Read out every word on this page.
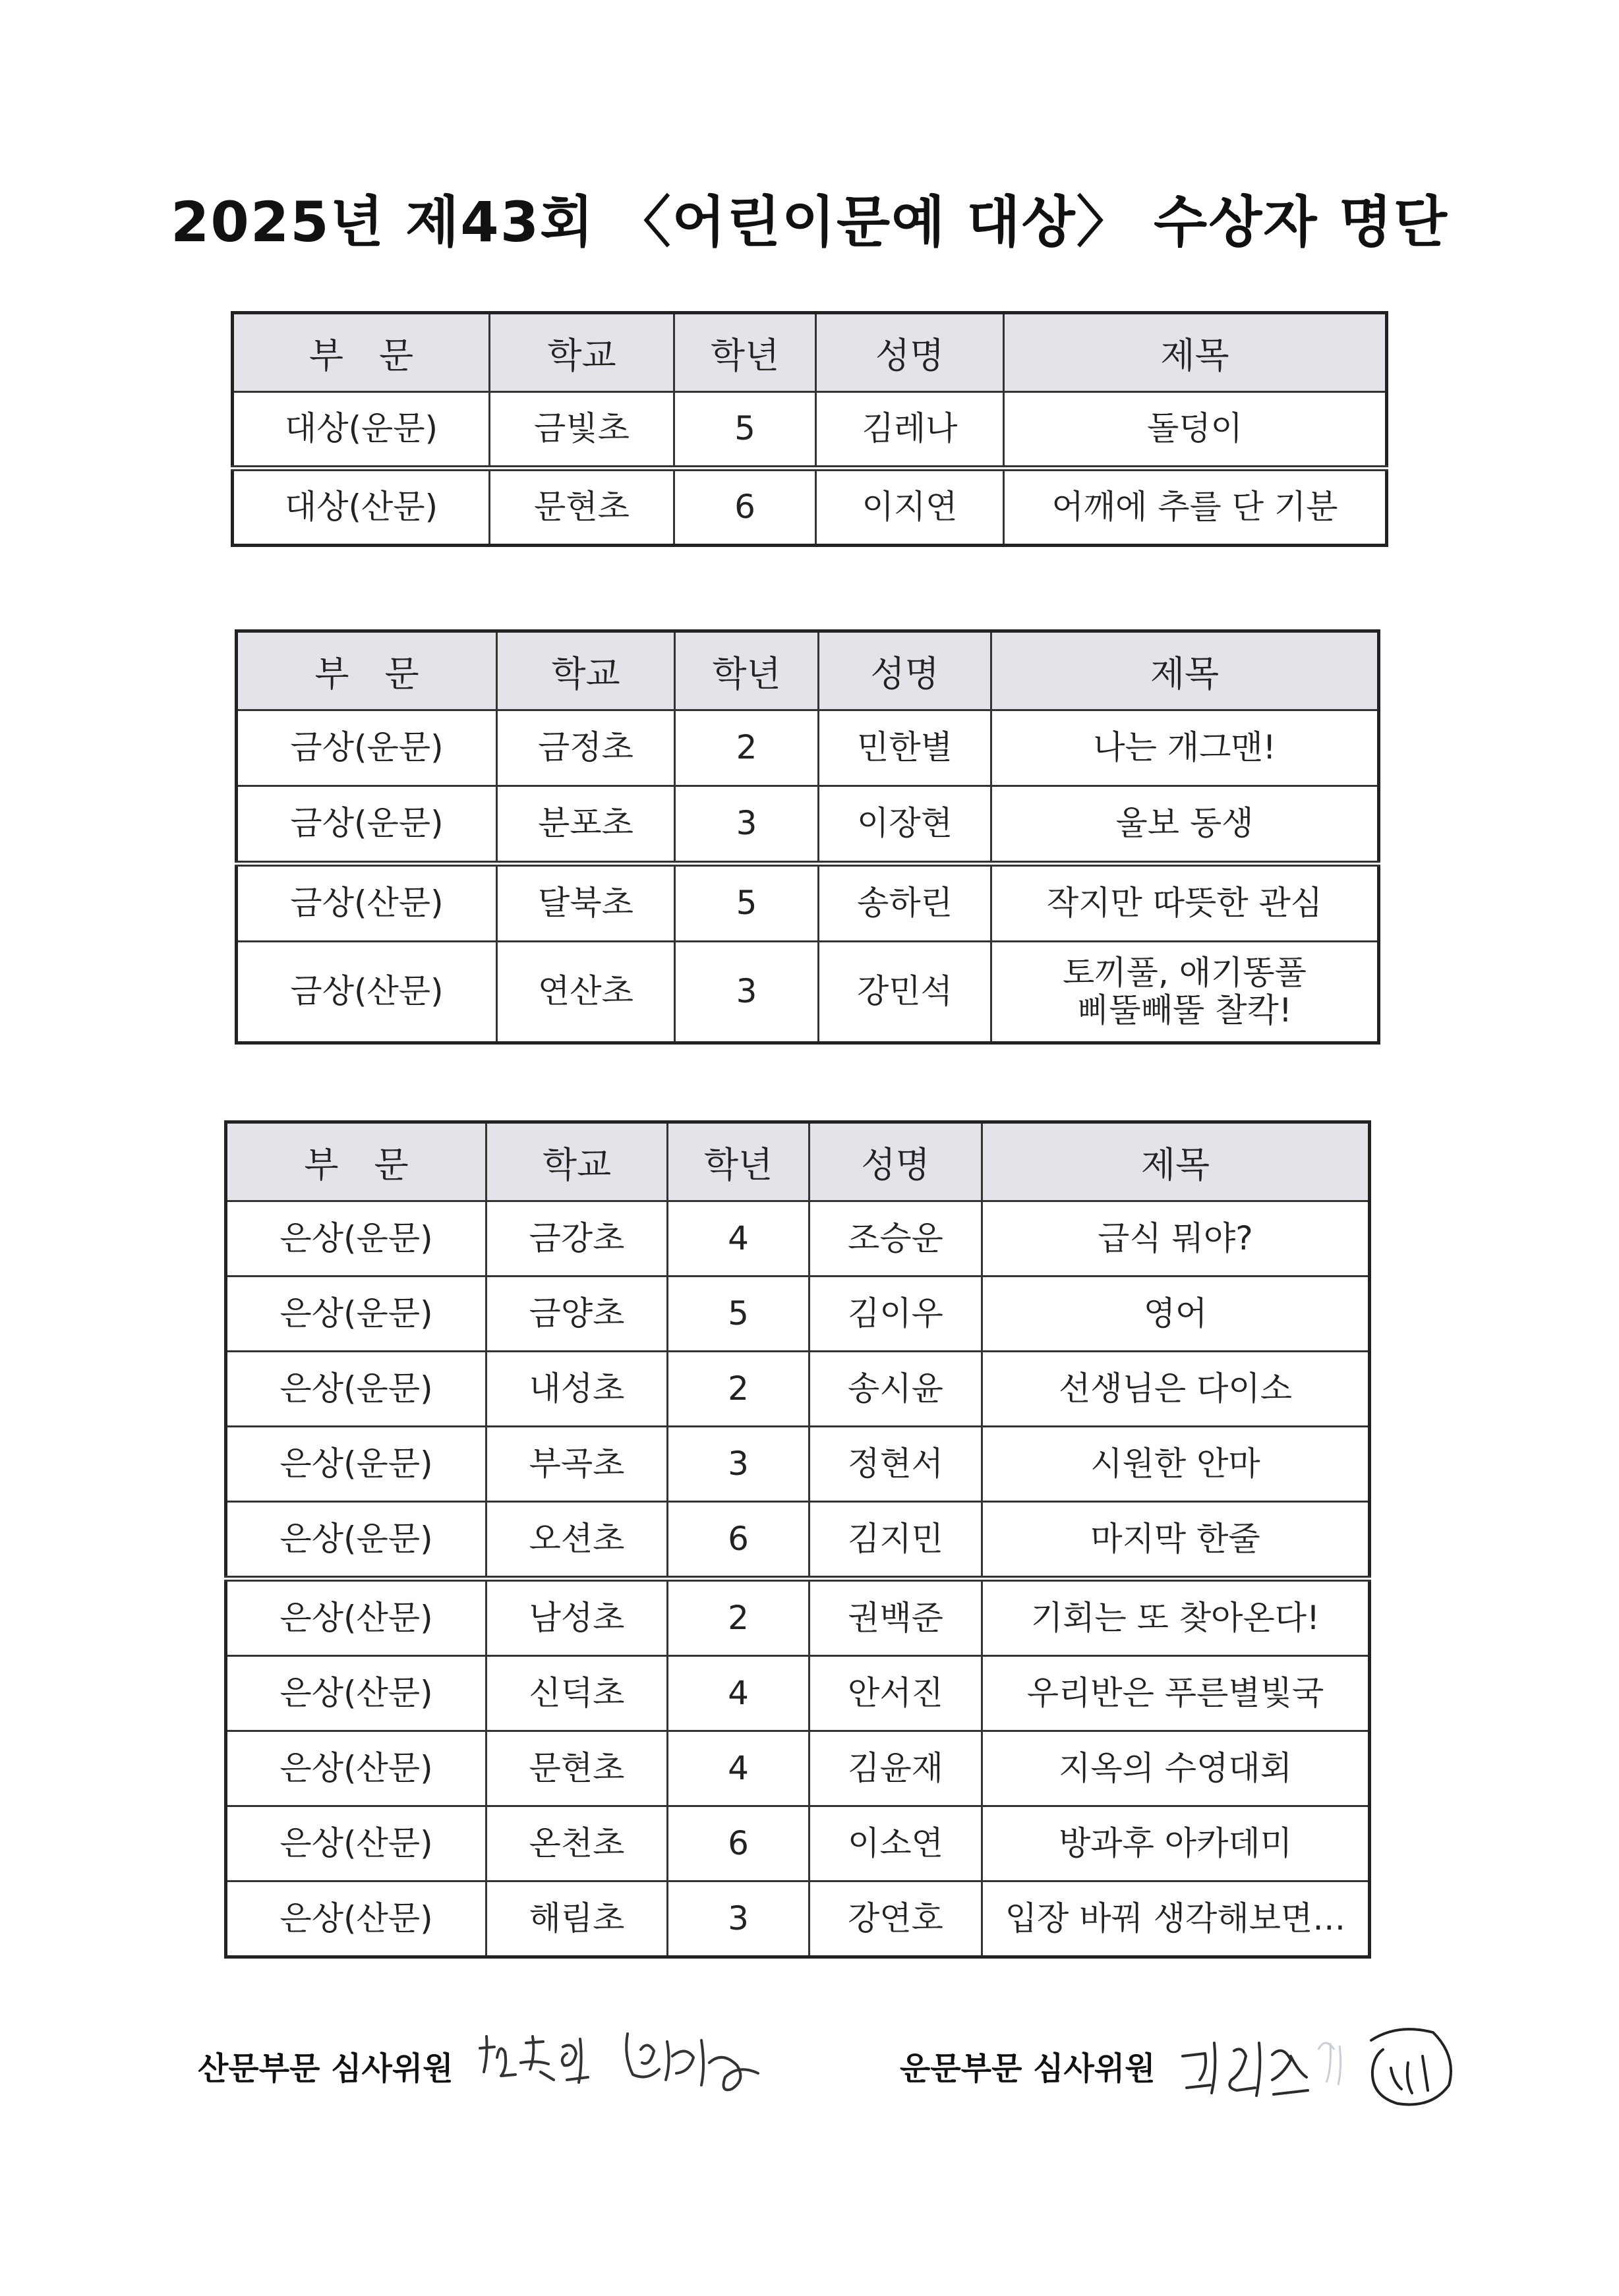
2025년 제43회 〈어린이문예 대상〉 수상자 명단
부　문	학교	학년	성명	제목
대상(운문)	금빛초	5	김레나	돌덩이
대상(산문)	문현초	6	이지연	어깨에 추를 단 기분
부　문	학교	학년	성명	제목
금상(운문)	금정초	2	민한별	나는 개그맨!
금상(운문)	분포초	3	이장현	울보 동생
금상(산문)	달북초	5	송하린	작지만 따뜻한 관심
금상(산문)	연산초	3	강민석	토끼풀, 애기똥풀
삐뚤빼뚤 찰칵!
부　문	학교	학년	성명	제목
은상(운문)	금강초	4	조승운	급식 뭐야?
은상(운문)	금양초	5	김이우	영어
은상(운문)	내성초	2	송시윤	선생님은 다이소
은상(운문)	부곡초	3	정현서	시원한 안마
은상(운문)	오션초	6	김지민	마지막 한줄
은상(산문)	남성초	2	권백준	기회는 또 찾아온다!
은상(산문)	신덕초	4	안서진	우리반은 푸른별빛국
은상(산문)	문현초	4	김윤재	지옥의 수영대회
은상(산문)	온천초	6	이소연	방과후 아카데미
은상(산문)	해림초	3	강연호	입장 바꿔 생각해보면…
산문부문 심사위원	운문부문 심사위원
